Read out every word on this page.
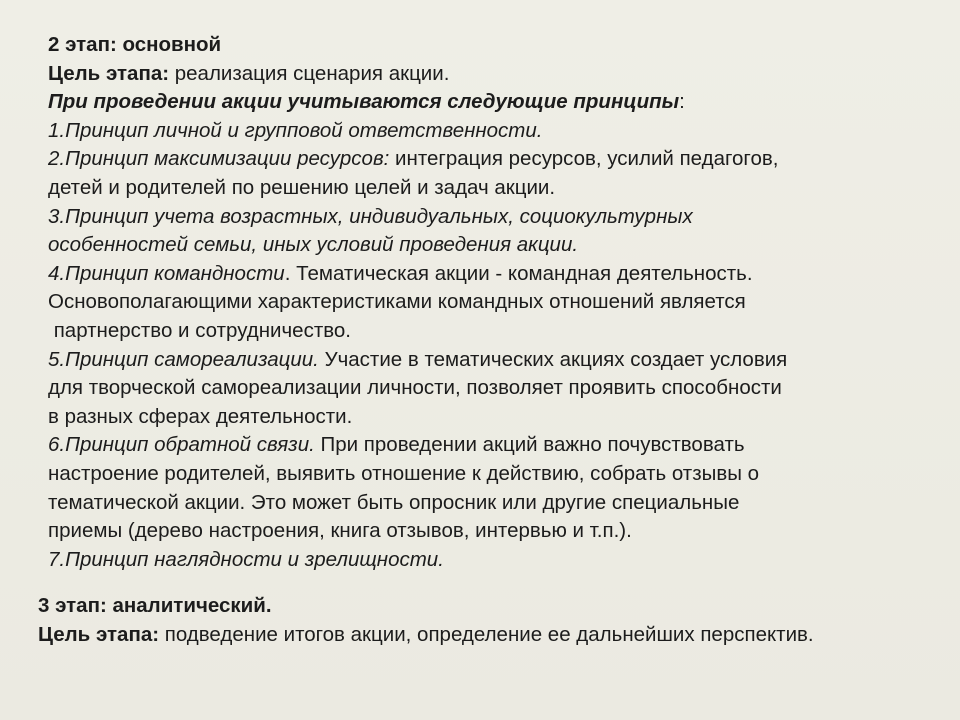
2 этап: основной
Цель этапа: реализация сценария акции.
При проведении акции учитываются следующие принципы:
1.Принцип личной и групповой ответственности.
2.Принцип максимизации ресурсов: интеграция ресурсов, усилий педагогов,
детей и родителей по решению целей и задач акции.
3.Принцип учета возрастных, индивидуальных, социокультурных
особенностей семьи, иных условий проведения акции.
4.Принцип командности. Тематическая акции - командная деятельность.
Основополагающими характеристиками командных отношений является
партнерство и сотрудничество.
5.Принцип самореализации. Участие в тематических акциях создает условия
для творческой самореализации личности, позволяет проявить способности
в разных сферах деятельности.
6.Принцип обратной связи. При проведении акций важно почувствовать
настроение родителей, выявить отношение к действию, собрать отзывы о
тематической акции. Это может быть опросник или другие специальные
приемы (дерево настроения, книга отзывов, интервью и т.п.).
7.Принцип наглядности и зрелищности.
3 этап: аналитический.
Цель этапа: подведение итогов акции, определение ее дальнейших перспектив.
